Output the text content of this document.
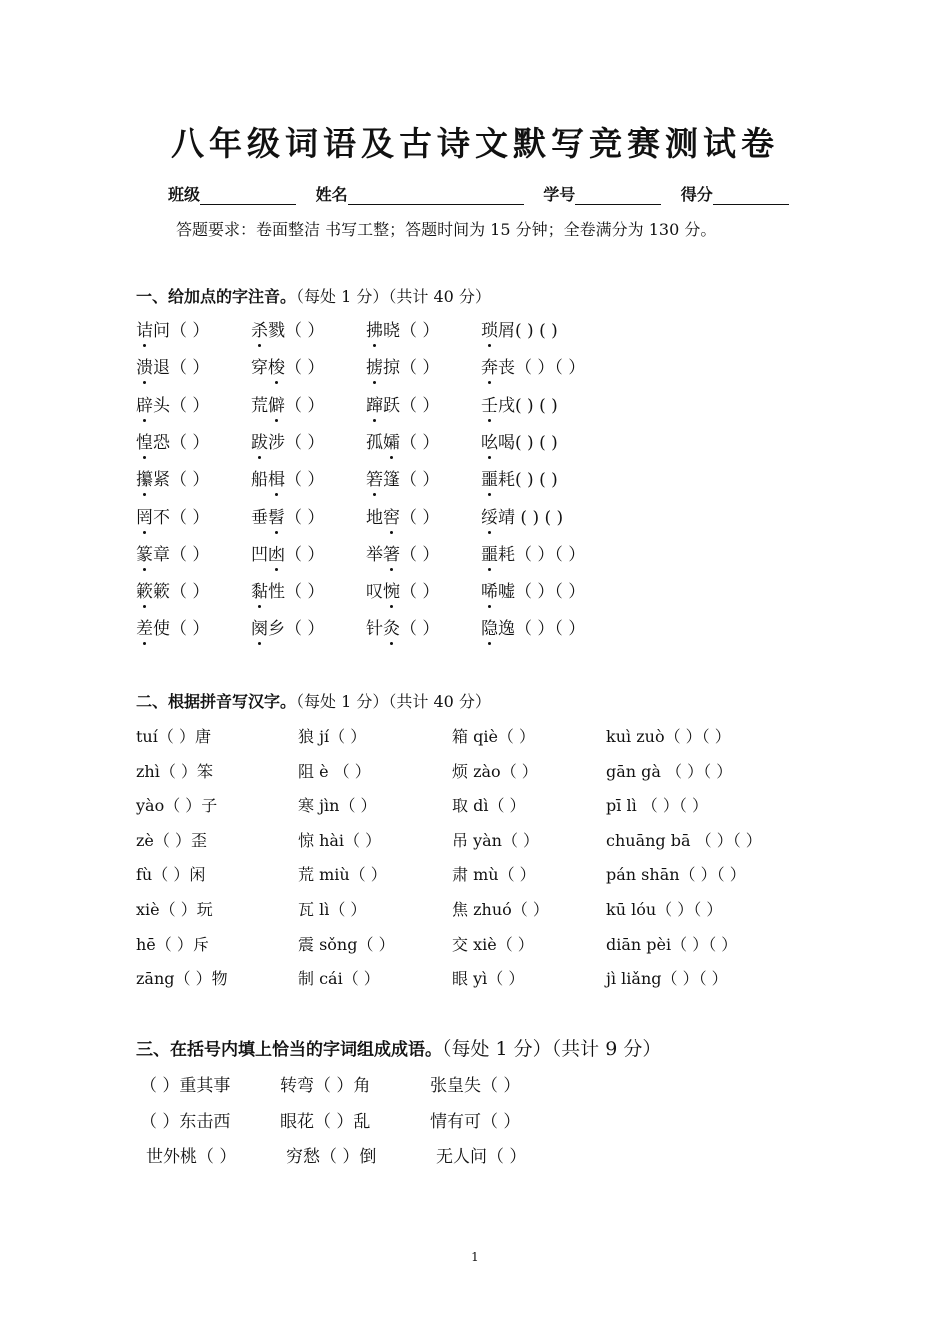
八年级词语及古诗文默写竞赛测试卷
班级	姓名	学号	得分
答题要求：卷面整洁 书写工整；答题时间为 15 分钟；全卷满分为 130 分。
一、给加点的字注音。（每处 1 分）（共计 40 分）
诘问（ ） 杀戮（ ） 拂晓（ ） 琐屑( ) ( )
溃退（ ） 穿梭（ ） 掳掠（ ） 奔丧（ ）（ ）
辟头（ ） 荒僻（ ） 蹿跃（ ） 壬戌( ) ( )
惶恐（ ） 跋涉（ ） 孤孀（ ） 吆喝( ) ( )
攥紧（ ） 船楫（ ） 箬篷（ ） 噩耗( ) ( )
罔不（ ） 垂髫（ ） 地窖（ ） 绥靖 ( ) ( )
篆章（ ） 凹凼（ ） 举箸（ ） 噩耗（ ）（ ）
簌簌（ ） 黏性（ ） 叹惋（ ） 唏嘘（ ）（ ）
差使（ ） 阕乡（ ） 针灸（ ） 隐逸（ ）（ ）
二、根据拼音写汉字。（每处 1 分）（共计 40 分）
tuí（ ）唐	狼 jí（ ）	箱 qiè（ ）	kuì zuò（ ）（ ）
zhì（ ）笨	阻 è （ ）	烦 zào（ ）	gān gà （ ）（ ）
yào（ ）子	寒 jìn（ ）	取 dì（ ）	pī lì （ ）（ ）
zè（ ）歪	惊 hài（ ）	吊 yàn（ ）	chuāng bā （ ）（ ）
fù（ ）闲	荒 miù（ ）	肃 mù（ ）	pán shān（ ）（ ）
xiè（ ）玩	瓦 lì（ ）	焦 zhuó（ ）	kū lóu（ ）（ ）
hē（ ）斥	震 sǒng（ ）	交 xiè（ ）	diān pèi（ ）（ ）
zāng（ ）物	制 cái（ ）	眼 yì（ ）	jì liǎng（ ）（ ）
三、在括号内填上恰当的字词组成成语。（每处 1 分）（共计 9 分）
（ ）重其事	转弯（ ）角	张皇失（ ）
（ ）东击西	眼花（ ）乱	情有可（ ）
世外桃（ ）	穷愁（ ）倒	无人问（ ）
1
